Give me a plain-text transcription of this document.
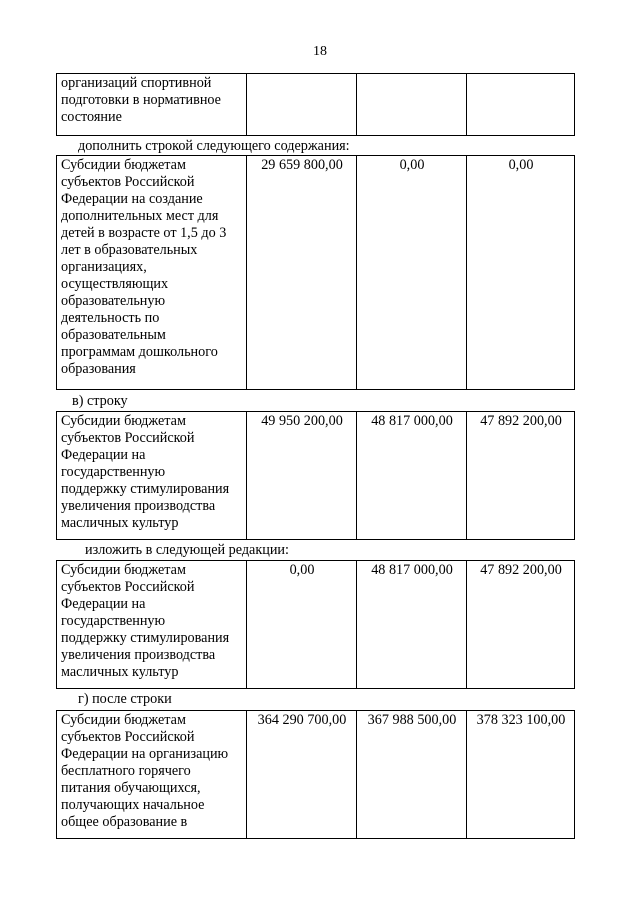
18
организаций спортивной
подготовки в нормативное
состояние

дополнить строкой следующего содержания:
Субсидии бюджетам
субъектов Российской
Федерации на создание
дополнительных мест для
детей в возрасте от 1,5 до 3
лет в образовательных
организациях,
осуществляющих
образовательную
деятельность по
образовательным
программам дошкольного
образования
	29 659 800,00	0,00	0,00
в) строку
Субсидии бюджетам
субъектов Российской
Федерации на
государственную
поддержку стимулирования
увеличения производства
масличных культур
	49 950 200,00	48 817 000,00	47 892 200,00
изложить в следующей редакции:
Субсидии бюджетам
субъектов Российской
Федерации на
государственную
поддержку стимулирования
увеличения производства
масличных культур
	0,00	48 817 000,00	47 892 200,00
г) после строки
Субсидии бюджетам
субъектов Российской
Федерации на организацию
бесплатного горячего
питания обучающихся,
получающих начальное
общее образование в
	364 290 700,00	367 988 500,00	378 323 100,00
